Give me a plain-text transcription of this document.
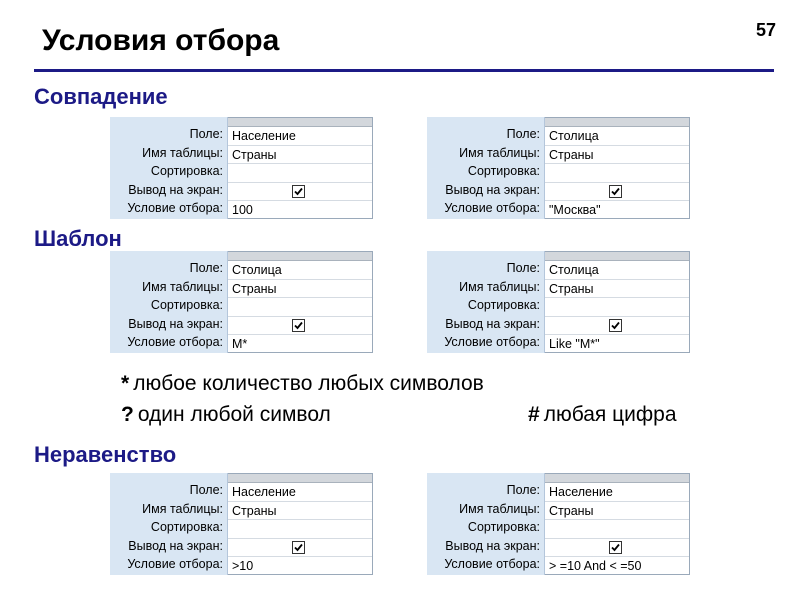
Условия отбора	57
Совпадение
Поле:
Имя таблицы:
Сортировка:
Вывод на экран:
Условие отбора:
Население
Страны
100
Поле:
Имя таблицы:
Сортировка:
Вывод на экран:
Условие отбора:
Столица
Страны
"Москва"
Шаблон
Поле:
Имя таблицы:
Сортировка:
Вывод на экран:
Условие отбора:
Столица
Страны
М*
Поле:
Имя таблицы:
Сортировка:
Вывод на экран:
Условие отбора:
Столица
Страны
Like "М*"
* любое количество любых символов
? один любой символ	# любая цифра
Неравенство
Поле:
Имя таблицы:
Сортировка:
Вывод на экран:
Условие отбора:
Население
Страны
>10
Поле:
Имя таблицы:
Сортировка:
Вывод на экран:
Условие отбора:
Население
Страны
> =10 And < =50
